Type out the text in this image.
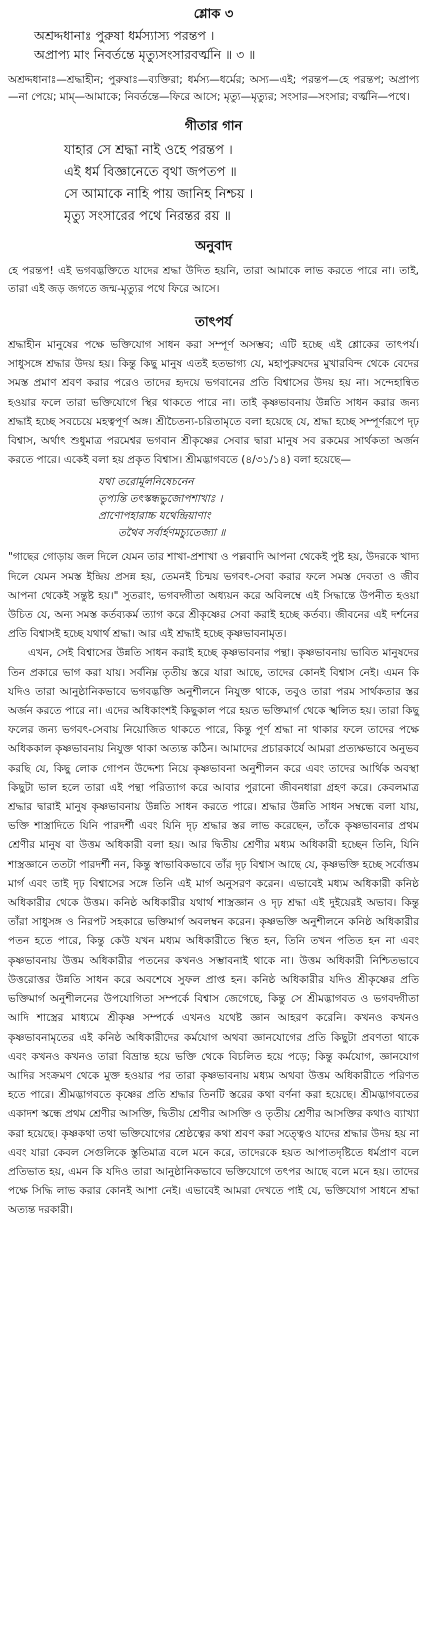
শ্লোক ৩
অশ্রদ্দধানাঃ পুরুষা ধর্মস্যাস্য পরন্তপ ।
অপ্রাপ্য মাং নিবর্তন্তে মৃত্যুসংসারবর্ত্মনি ॥ ৩ ॥

অশ্রদ্দধানাঃ—শ্রদ্ধাহীন; পুরুষাঃ—ব্যক্তিরা; ধর্মস্য—ধর্মের; অস্য—এই; পরন্তপ—হে পরন্তপ; অপ্রাপ্য—না পেয়ে; মাম্—আমাকে; নিবর্তন্তে—ফিরে আসে; মৃত্যু—মৃত্যুর; সংসার—সংসার; বর্ত্মনি—পথে।

গীতার গান
যাহার সে শ্রদ্ধা নাই ওহে পরন্তপ ।
এই ধর্ম বিজ্ঞানেতে বৃথা জপতপ ॥
সে আমাকে নাহি পায় জানিহ নিশ্চয় ।
মৃত্যু সংসারের পথে নিরন্তর রয় ॥
অনুবাদ

হে পরন্তপ! এই ভগবদ্ভক্তিতে যাদের শ্রদ্ধা উদিত হয়নি, তারা আমাকে লাভ করতে পারে না। তাই, তারা এই জড় জগতে জন্ম-মৃত্যুর পথে ফিরে আসে।

তাৎপর্য

শ্রদ্ধাহীন মানুষের পক্ষে ভক্তিযোগ সাধন করা সম্পূর্ণ অসম্ভব; এটি হচ্ছে এই শ্লোকের তাৎপর্য। সাধুসঙ্গে শ্রদ্ধার উদয় হয়। কিন্তু কিছু মানুষ এতই হতভাগ্য যে, মহাপুরুষদের মুখারবিন্দ থেকে বেদের সমস্ত প্রমাণ শ্রবণ করার পরেও তাদের হৃদয়ে ভগবানের প্রতি বিশ্বাসের উদয় হয় না। সন্দেহান্বিত হওয়ার ফলে তারা ভক্তিযোগে স্থির থাকতে পারে না। তাই কৃষ্ণভাবনায় উন্নতি সাধন করার জন্য শ্রদ্ধাই হচ্ছে সবচেয়ে মহত্বপূর্ণ অঙ্গ। শ্রীচৈতন্য-চরিতামৃতে বলা হয়েছে যে, শ্রদ্ধা হচ্ছে সম্পূর্ণরূপে দৃঢ় বিশ্বাস, অর্থাৎ শুধুমাত্র পরমেশ্বর ভগবান শ্রীকৃষ্ণের সেবার দ্বারা মানুষ সব রকমের সার্থকতা অর্জন করতে পারে। একেই বলা হয় প্রকৃত বিশ্বাস। শ্রীমদ্ভাগবতে (৪/৩১/১৪) বলা হয়েছে—

যথা তরোর্মূলনিষেচনেন
তৃপ্যন্তি তৎস্কন্ধভুজোপশাখাঃ ।
প্রাণোপহারাচ্চ যথেন্দ্রিয়াণাং
তথৈব সর্বার্হণমচ্যুতেজ্যা ॥

"গাছের গোড়ায় জল দিলে যেমন তার শাখা-প্রশাখা ও পল্লবাদি আপনা থেকেই পুষ্ট হয়, উদরকে খাদ্য দিলে যেমন সমস্ত ইন্দ্রিয় প্রসন্ন হয়, তেমনই চিন্ময় ভগবৎ-সেবা করার ফলে সমস্ত দেবতা ও জীব আপনা থেকেই সন্তুষ্ট হয়।" সুতরাং, ভগবদ্গীতা অধ্যয়ন করে অবিলম্বে এই সিদ্ধান্তে উপনীত হওয়া উচিত যে, অন্য সমস্ত কর্তব্যকর্ম ত্যাগ করে শ্রীকৃষ্ণের সেবা করাই হচ্ছে কর্তব্য। জীবনের এই দর্শনের প্রতি বিশ্বাসই হচ্ছে যথার্থ শ্রদ্ধা। আর এই শ্রদ্ধাই হচ্ছে কৃষ্ণভাবনামৃত।

এখন, সেই বিশ্বাসের উন্নতি সাধন করাই হচ্ছে কৃষ্ণভাবনার পন্থা। কৃষ্ণভাবনায় ভাবিত মানুষদের তিন প্রকারে ভাগ করা যায়। সর্বনিম্ন তৃতীয় স্তরে যারা আছে, তাদের কোনই বিশ্বাস নেই। এমন কি যদিও তারা আনুষ্ঠানিকভাবে ভগবদ্ভক্তি অনুশীলনে নিযুক্ত থাকে, তবুও তারা পরম সার্থকতার স্তর অর্জন করতে পারে না। এদের অধিকাংশই কিছুকাল পরে হয়ত ভক্তিমার্গ থেকে স্খলিত হয়। তারা কিছু ফলের জন্য ভগবৎ-সেবায় নিয়োজিত থাকতে পারে, কিন্তু পূর্ণ শ্রদ্ধা না থাকার ফলে তাদের পক্ষে অধিককাল কৃষ্ণভাবনায় নিযুক্ত থাকা অত্যন্ত কঠিন। আমাদের প্রচারকার্যে আমরা প্রত্যক্ষভাবে অনুভব করছি যে, কিছু লোক গোপন উদ্দেশ্য নিয়ে কৃষ্ণভাবনা অনুশীলন করে এবং তাদের আর্থিক অবস্থা কিছুটা ভাল হলে তারা এই পন্থা পরিত্যাগ করে আবার পুরানো জীবনধারা গ্রহণ করে। কেবলমাত্র শ্রদ্ধার দ্বারাই মানুষ কৃষ্ণভাবনায় উন্নতি সাধন করতে পারে। শ্রদ্ধার উন্নতি সাধন সম্বন্ধে বলা যায়, ভক্তি শাস্ত্রাদিতে যিনি পারদর্শী এবং যিনি দৃঢ় শ্রদ্ধার স্তর লাভ করেছেন, তাঁকে কৃষ্ণভাবনার প্রথম শ্রেণীর মানুষ বা উত্তম অধিকারী বলা হয়। আর দ্বিতীয় শ্রেণীর মধ্যম অধিকারী হচ্ছেন তিনি, যিনি শাস্ত্রজ্ঞানে ততটা পারদর্শী নন, কিন্তু স্বাভাবিকভাবে তাঁর দৃঢ় বিশ্বাস আছে যে, কৃষ্ণভক্তি হচ্ছে সর্বোত্তম মার্গ এবং তাই দৃঢ় বিশ্বাসের সঙ্গে তিনি এই মার্গ অনুসরণ করেন। এভাবেই মধ্যম অধিকারী কনিষ্ঠ অধিকারীর থেকে উত্তম। কনিষ্ঠ অধিকারীর যথার্থ শাস্ত্রজ্ঞান ও দৃঢ় শ্রদ্ধা এই দুইয়েরই অভাব। কিন্তু তাঁরা সাধুসঙ্গ ও নিরপট সহকারে ভক্তিমার্গ অবলম্বন করেন। কৃষ্ণভক্তি অনুশীলনে কনিষ্ঠ অধিকারীর পতন হতে পারে, কিন্তু কেউ যখন মধ্যম অধিকারীতে স্থিত হন, তিনি তখন পতিত হন না এবং কৃষ্ণভাবনায় উত্তম অধিকারীর পতনের কখনও সম্ভাবনাই থাকে না। উত্তম অধিকারী নিশ্চিতভাবে উত্তরোত্তর উন্নতি সাধন করে অবশেষে সুফল প্রাপ্ত হন। কনিষ্ঠ অধিকারীর যদিও শ্রীকৃষ্ণের প্রতি ভক্তিমার্গ অনুশীলনের উপযোগিতা সম্পর্কে বিশ্বাস জেগেছে, কিন্তু সে শ্রীমদ্ভাগবত ও ভগবদ্গীতা আদি শাস্ত্রের মাধ্যমে শ্রীকৃষ্ণ সম্পর্কে এখনও যথেষ্ট জ্ঞান আহরণ করেনি। কখনও কখনও কৃষ্ণভাবনামৃতের এই কনিষ্ঠ অধিকারীদের কর্মযোগ অথবা জ্ঞানযোগের প্রতি কিছুটা প্রবণতা থাকে এবং কখনও কখনও তারা বিভ্রান্ত হয়ে ভক্তি থেকে বিচলিত হয়ে পড়ে; কিন্তু কর্মযোগ, জ্ঞানযোগ আদির সংক্রমণ থেকে মুক্ত হওয়ার পর তারা কৃষ্ণভাবনায় মধ্যম অথবা উত্তম অধিকারীতে পরিণত হতে পারে। শ্রীমদ্ভাগবতে কৃষ্ণের প্রতি শ্রদ্ধার তিনটি স্তরের কথা বর্ণনা করা হয়েছে। শ্রীমদ্ভাগবতের একাদশ স্কন্ধে প্রথম শ্রেণীর আসক্তি, দ্বিতীয় শ্রেণীর আসক্তি ও তৃতীয় শ্রেণীর আসক্তির কথাও ব্যাখ্যা করা হয়েছে। কৃষ্ণকথা তথা ভক্তিযোগের শ্রেষ্ঠত্বের কথা শ্রবণ করা সত্ত্বেও যাদের শ্রদ্ধার উদয় হয় না এবং যারা কেবল সেগুলিকে স্তুতিমাত্র বলে মনে করে, তাদেরকে হয়ত আপাতদৃষ্টিতে ধর্মপ্রাণ বলে প্রতিভাত হয়, এমন কি যদিও তারা আনুষ্ঠানিকভাবে ভক্তিযোগে তৎপর আছে বলে মনে হয়। তাদের পক্ষে সিদ্ধি লাভ করার কোনই আশা নেই। এভাবেই আমরা দেখতে পাই যে, ভক্তিযোগ সাধনে শ্রদ্ধা অত্যন্ত দরকারী।
